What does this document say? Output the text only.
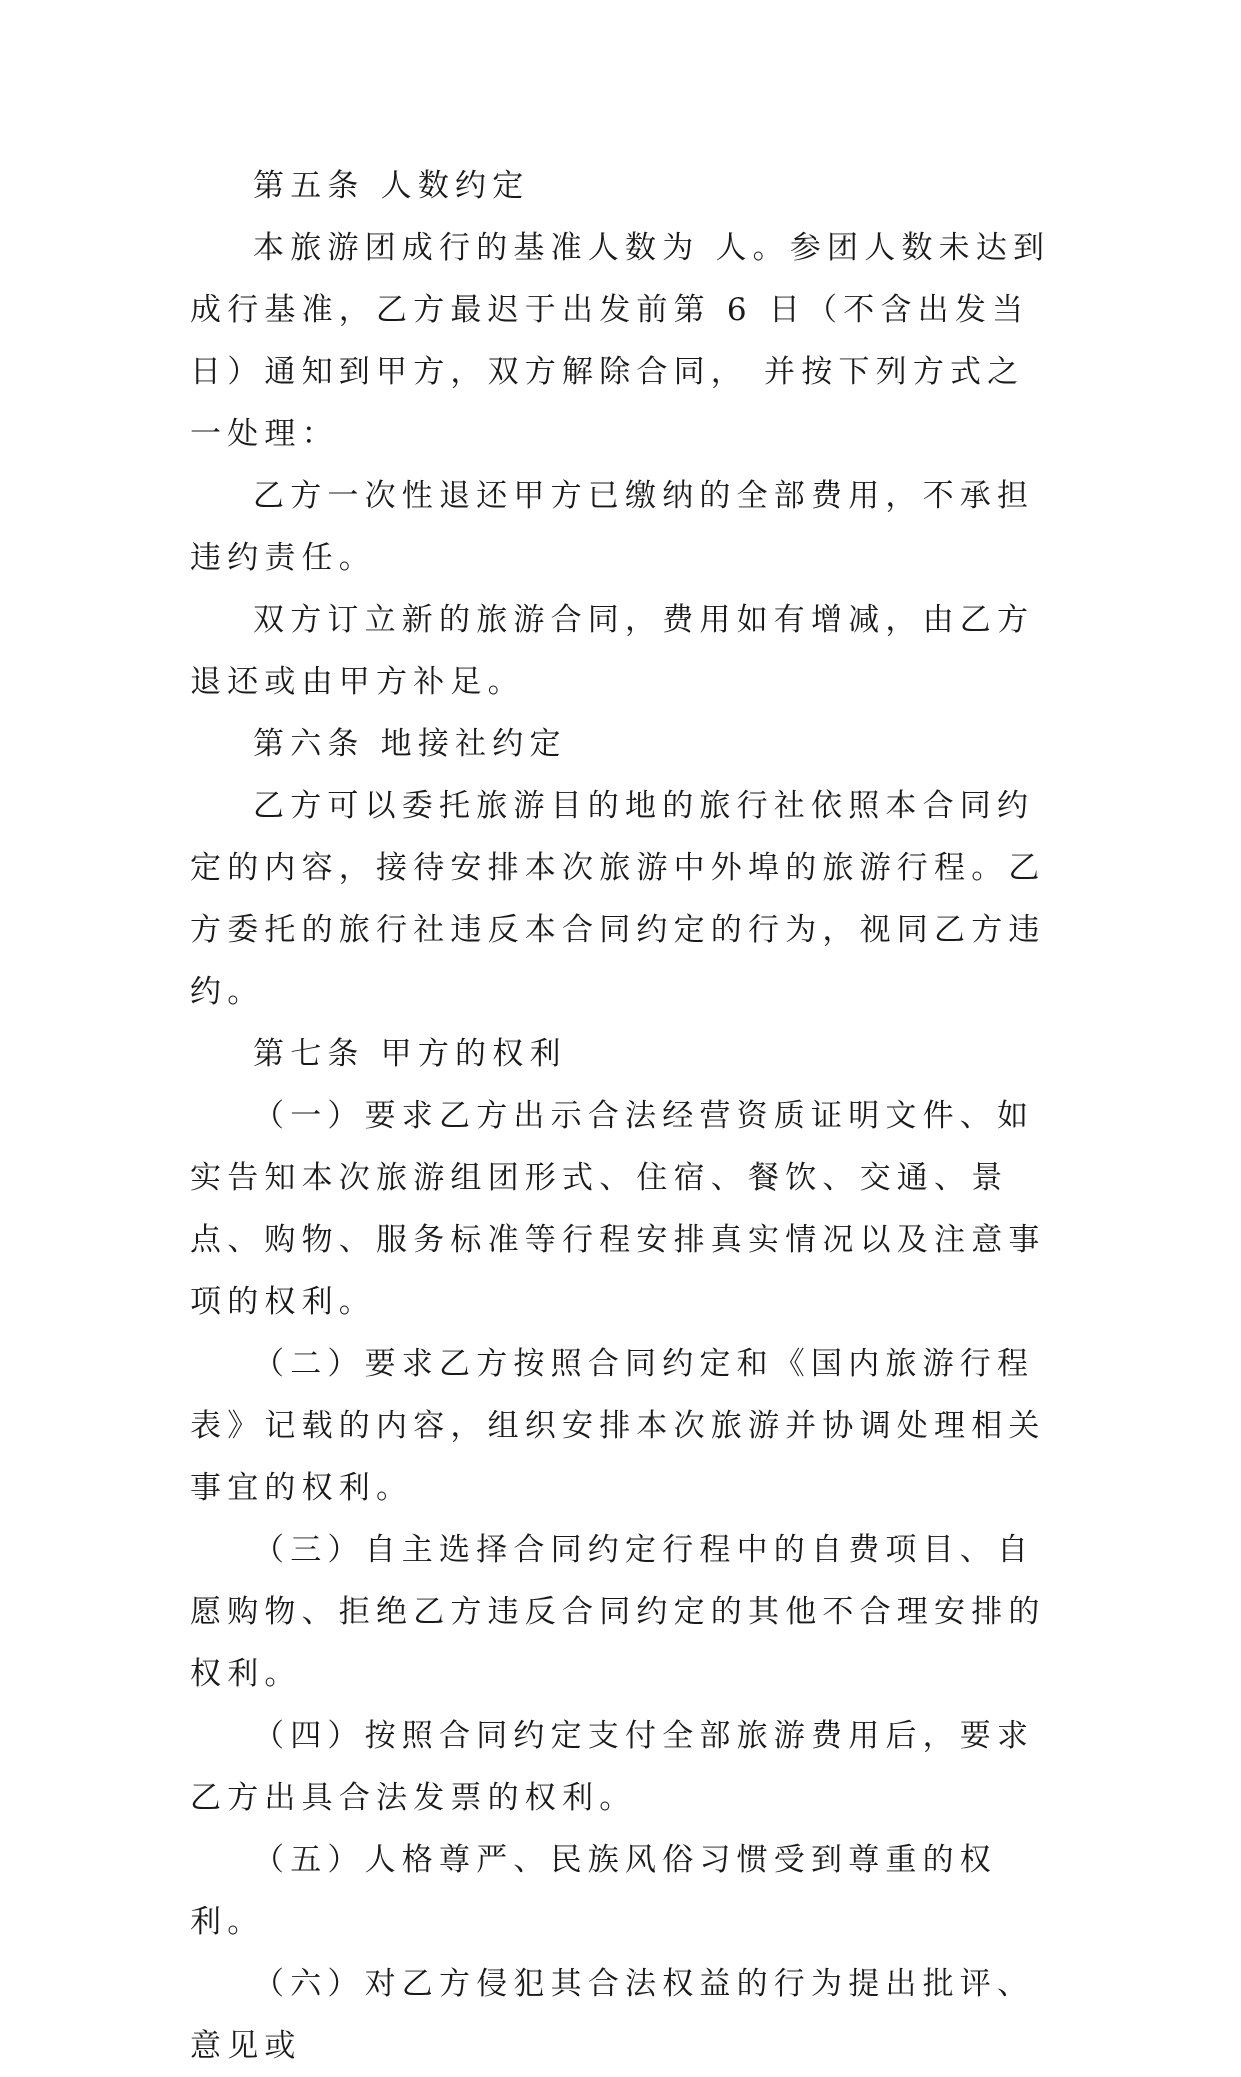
第五条 人数约定

本旅游团成行的基准人数为 人。参团人数未达到成行基准，乙方最迟于出发前第 6 日（不含出发当日）通知到甲方，双方解除合同， 并按下列方式之一处理：

乙方一次性退还甲方已缴纳的全部费用，不承担违约责任。

双方订立新的旅游合同，费用如有增减，由乙方退还或由甲方补足。

第六条 地接社约定

乙方可以委托旅游目的地的旅行社依照本合同约定的内容，接待安排本次旅游中外埠的旅游行程。乙方委托的旅行社违反本合同约定的行为，视同乙方违约。

第七条 甲方的权利

（一）要求乙方出示合法经营资质证明文件、如实告知本次旅游组团形式、住宿、餐饮、交通、景点、购物、服务标准等行程安排真实情况以及注意事项的权利。

（二）要求乙方按照合同约定和《国内旅游行程表》记载的内容，组织安排本次旅游并协调处理相关事宜的权利。

（三）自主选择合同约定行程中的自费项目、自愿购物、拒绝乙方违反合同约定的其他不合理安排的权利。

（四）按照合同约定支付全部旅游费用后，要求乙方出具合法发票的权利。

（五）人格尊严、民族风俗习惯受到尊重的权利。

（六）对乙方侵犯其合法权益的行为提出批评、意见或
